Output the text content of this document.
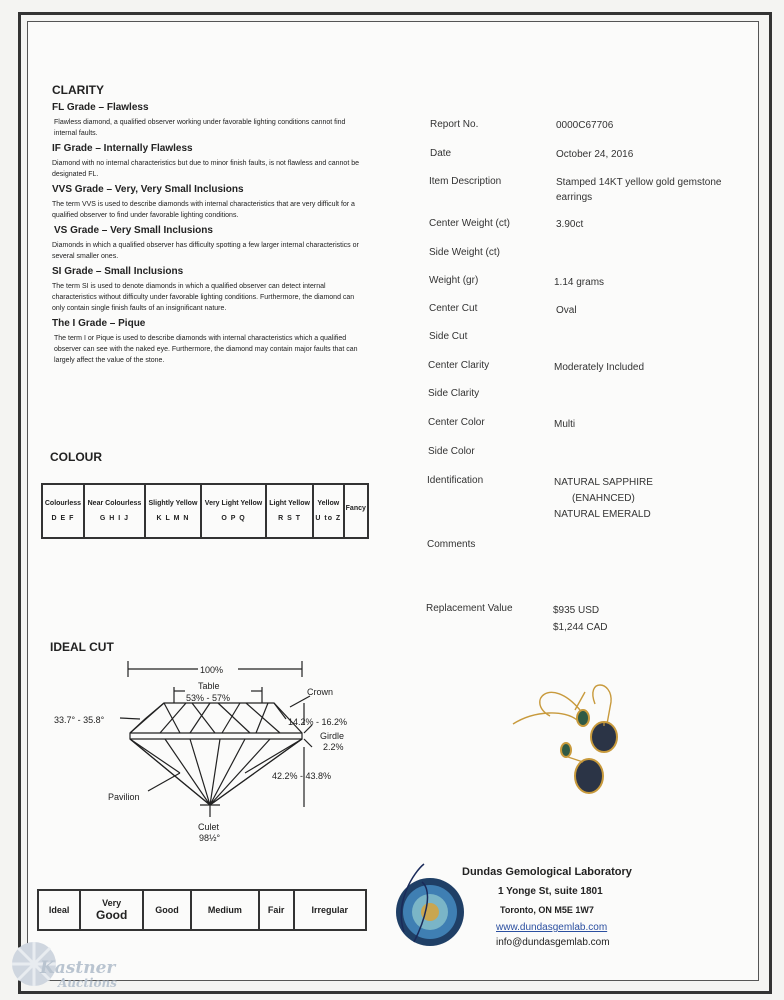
CLARITY
FL Grade – Flawless
Flawless diamond, a qualified observer working under favorable lighting conditions cannot find internal faults.
IF Grade – Internally Flawless
Diamond with no internal characteristics but due to minor finish faults, is not flawless and cannot be designated FL.
VVS Grade – Very, Very Small Inclusions
The term VVS is used to describe diamonds with internal characteristics that are very difficult for a qualified observer to find under favorable lighting conditions.
VS Grade – Very Small Inclusions
Diamonds in which a qualified observer has difficulty spotting a few larger internal characteristics or several smaller ones.
SI Grade – Small Inclusions
The term SI is used to denote diamonds in which a qualified observer can detect internal characteristics without difficulty under favorable lighting conditions. Furthermore, the diamond can only contain single finish faults of an insignificant nature.
The I Grade – Pique
The term I or Pique is used to describe diamonds with internal characteristics which a qualified observer can see with the naked eye. Furthermore, the diamond may contain major faults that can largely affect the value of the stone.
COLOUR
Colourless
D E F
	Near Colourless
G H I J
	Slightly Yellow
K L M N
	Very Light Yellow
O P Q
	Light Yellow
R S T
	Yellow
U to Z
	Fancy
IDEAL CUT
100%
Table
53% - 57%
Crown
33.7° - 35.8°	14.2% - 16.2%
Girdle
2.2%
42.2% - 43.8%
Pavilion
Culet
98½°
Ideal	Very
Good	Good	Medium	Fair	Irregular
Report No.	0000C67706
Date	October 24, 2016
Item Description	Stamped 14KT yellow gold gemstone earrings
Center Weight (ct)	3.90ct
Side Weight (ct)
Weight (gr)	1.14 grams
Center Cut	Oval
Side Cut
Center Clarity	Moderately Included
Side Clarity
Center Color	Multi
Side Color
Identification	NATURAL SAPPHIRE
(ENAHNCED)
NATURAL EMERALD
Comments
Replacement Value	$935 USD
$1,244 CAD
Dundas Gemological Laboratory
1 Yonge St, suite 1801
Toronto, ON M5E 1W7
www.dundasgemlab.com
info@dundasgemlab.com
Kastner
Auctions
